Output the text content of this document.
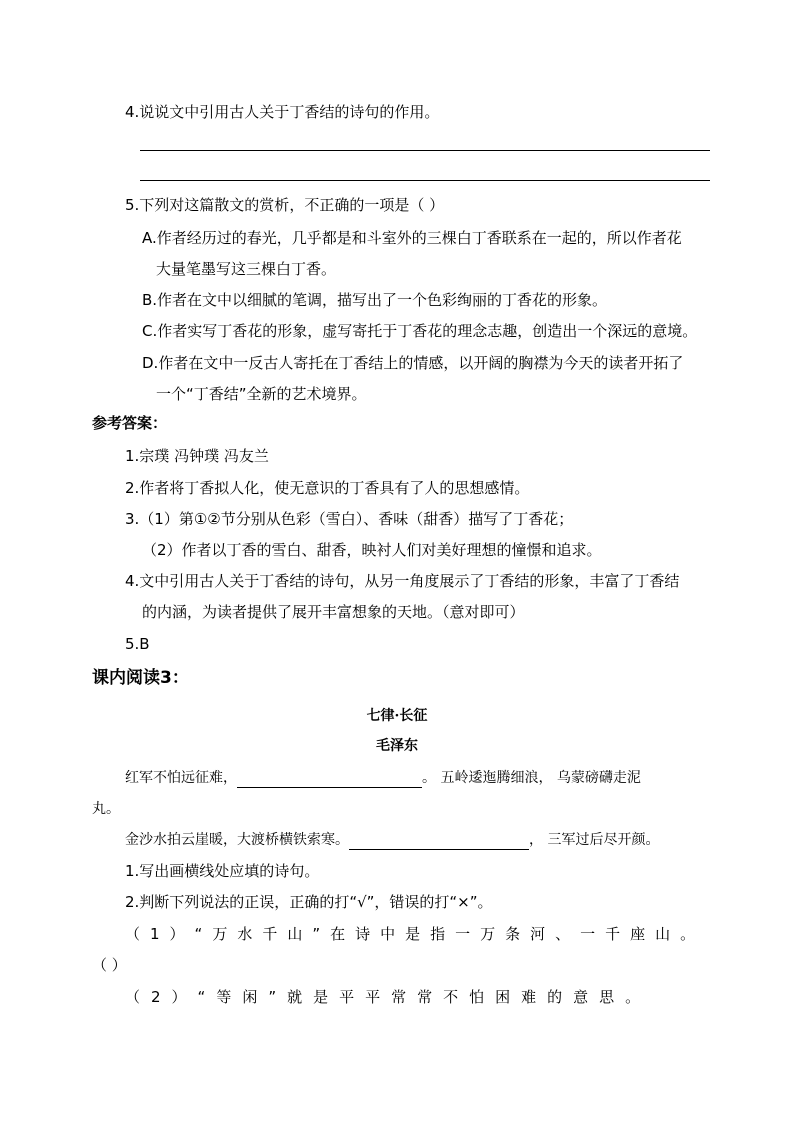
4.说说文中引用古人关于丁香结的诗句的作用。
5.下列对这篇散文的赏析，不正确的一项是（ ）
A.作者经历过的春光，几乎都是和斗室外的三棵白丁香联系在一起的，所以作者花
大量笔墨写这三棵白丁香。
B.作者在文中以细腻的笔调，描写出了一个色彩绚丽的丁香花的形象。
C.作者实写丁香花的形象，虚写寄托于丁香花的理念志趣，创造出一个深远的意境。
D.作者在文中一反古人寄托在丁香结上的情感，以开阔的胸襟为今天的读者开拓了
一个“丁香结”全新的艺术境界。
参考答案：
1.宗璞 冯钟璞 冯友兰
2.作者将丁香拟人化，使无意识的丁香具有了人的思想感情。
3.（1）第①②节分别从色彩（雪白）、香味（甜香）描写了丁香花；
（2）作者以丁香的雪白、甜香，映衬人们对美好理想的憧憬和追求。
4.文中引用古人关于丁香结的诗句，从另一角度展示了丁香结的形象，丰富了丁香结
的内涵，为读者提供了展开丰富想象的天地。（意对即可）
5.B
课内阅读3：
七律·长征
毛泽东
红军不怕远征难，	。 五岭逶迤腾细浪， 乌蒙磅礴走泥
丸。
金沙水拍云崖暖，大渡桥横铁索寒。	， 三军过后尽开颜。
1.写出画横线处应填的诗句。
2.判断下列说法的正误，正确的打“√”，错误的打“×”。
（1）“万水千山”在诗中是指一万条河、一千座山。
（ ）
（2）“等闲”就是平平常常不怕困难的意思。
